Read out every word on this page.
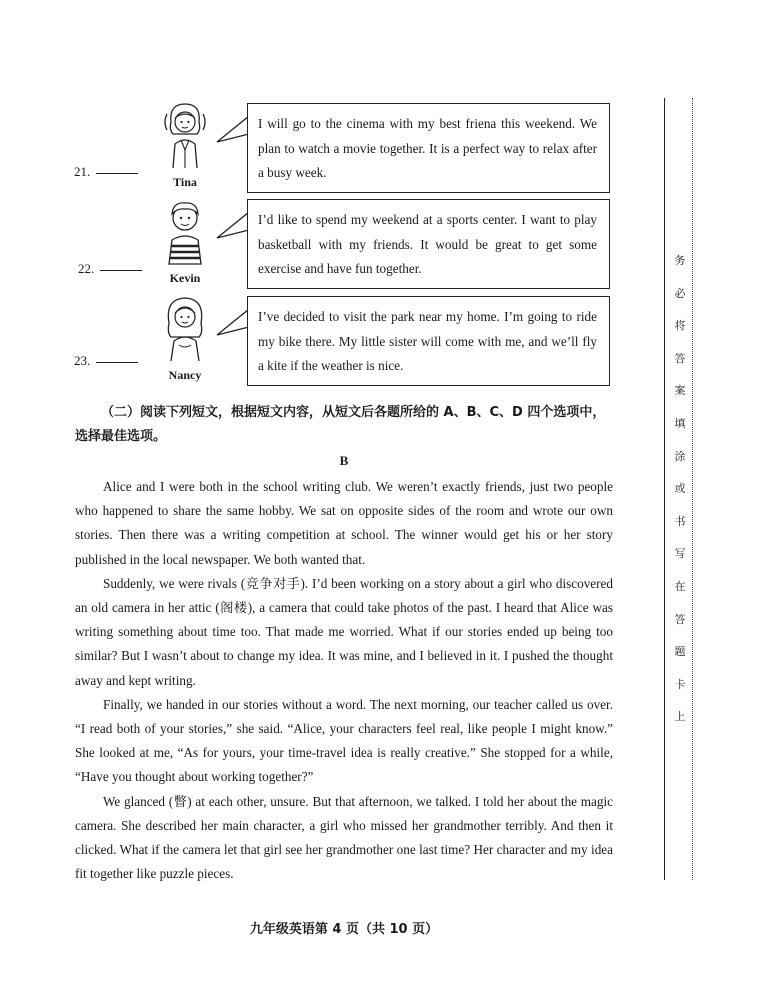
21.
Tina
I will go to the cinema with my best friena this weekend. We plan to watch a movie together. It is a perfect way to relax after a busy week.
22.
Kevin
I’d like to spend my weekend at a sports center. I want to play basketball with my friends. It would be great to get some exercise and have fun together.
23.
Nancy
I’ve decided to visit the park near my home. I’m going to ride my bike there. My little sister will come with me, and we’ll fly a kite if the weather is nice.
（二）阅读下列短文，根据短文内容，从短文后各题所给的 A、B、C、D 四个选项中，
选择最佳选项。
B

Alice and I were both in the school writing club. We weren’t exactly friends, just two people who happened to share the same hobby. We sat on opposite sides of the room and wrote our own stories. Then there was a writing competition at school. The winner would get his or her story published in the local newspaper. We both wanted that.

Suddenly, we were rivals (竞争对手). I’d been working on a story about a girl who discovered an old camera in her attic (阁楼), a camera that could take photos of the past. I heard that Alice was writing something about time too. That made me worried. What if our stories ended up being too similar? But I wasn’t about to change my idea. It was mine, and I believed in it. I pushed the thought away and kept writing.

Finally, we handed in our stories without a word. The next morning, our teacher called us over. “I read both of your stories,” she said. “Alice, your characters feel real, like people I might know.” She looked at me, “As for yours, your time-travel idea is really creative.” She stopped for a while, “Have you thought about working together?”

We glanced (瞥) at each other, unsure. But that afternoon, we talked. I told her about the magic camera. She described her main character, a girl who missed her grandmother terribly. And then it clicked. What if the camera let that girl see her grandmother one last time? Her character and my idea fit together like puzzle pieces.

务
必
将
答
案
填
涂
或
书
写
在
答
题
卡
上
九年级英语第 4 页（共 10 页）
